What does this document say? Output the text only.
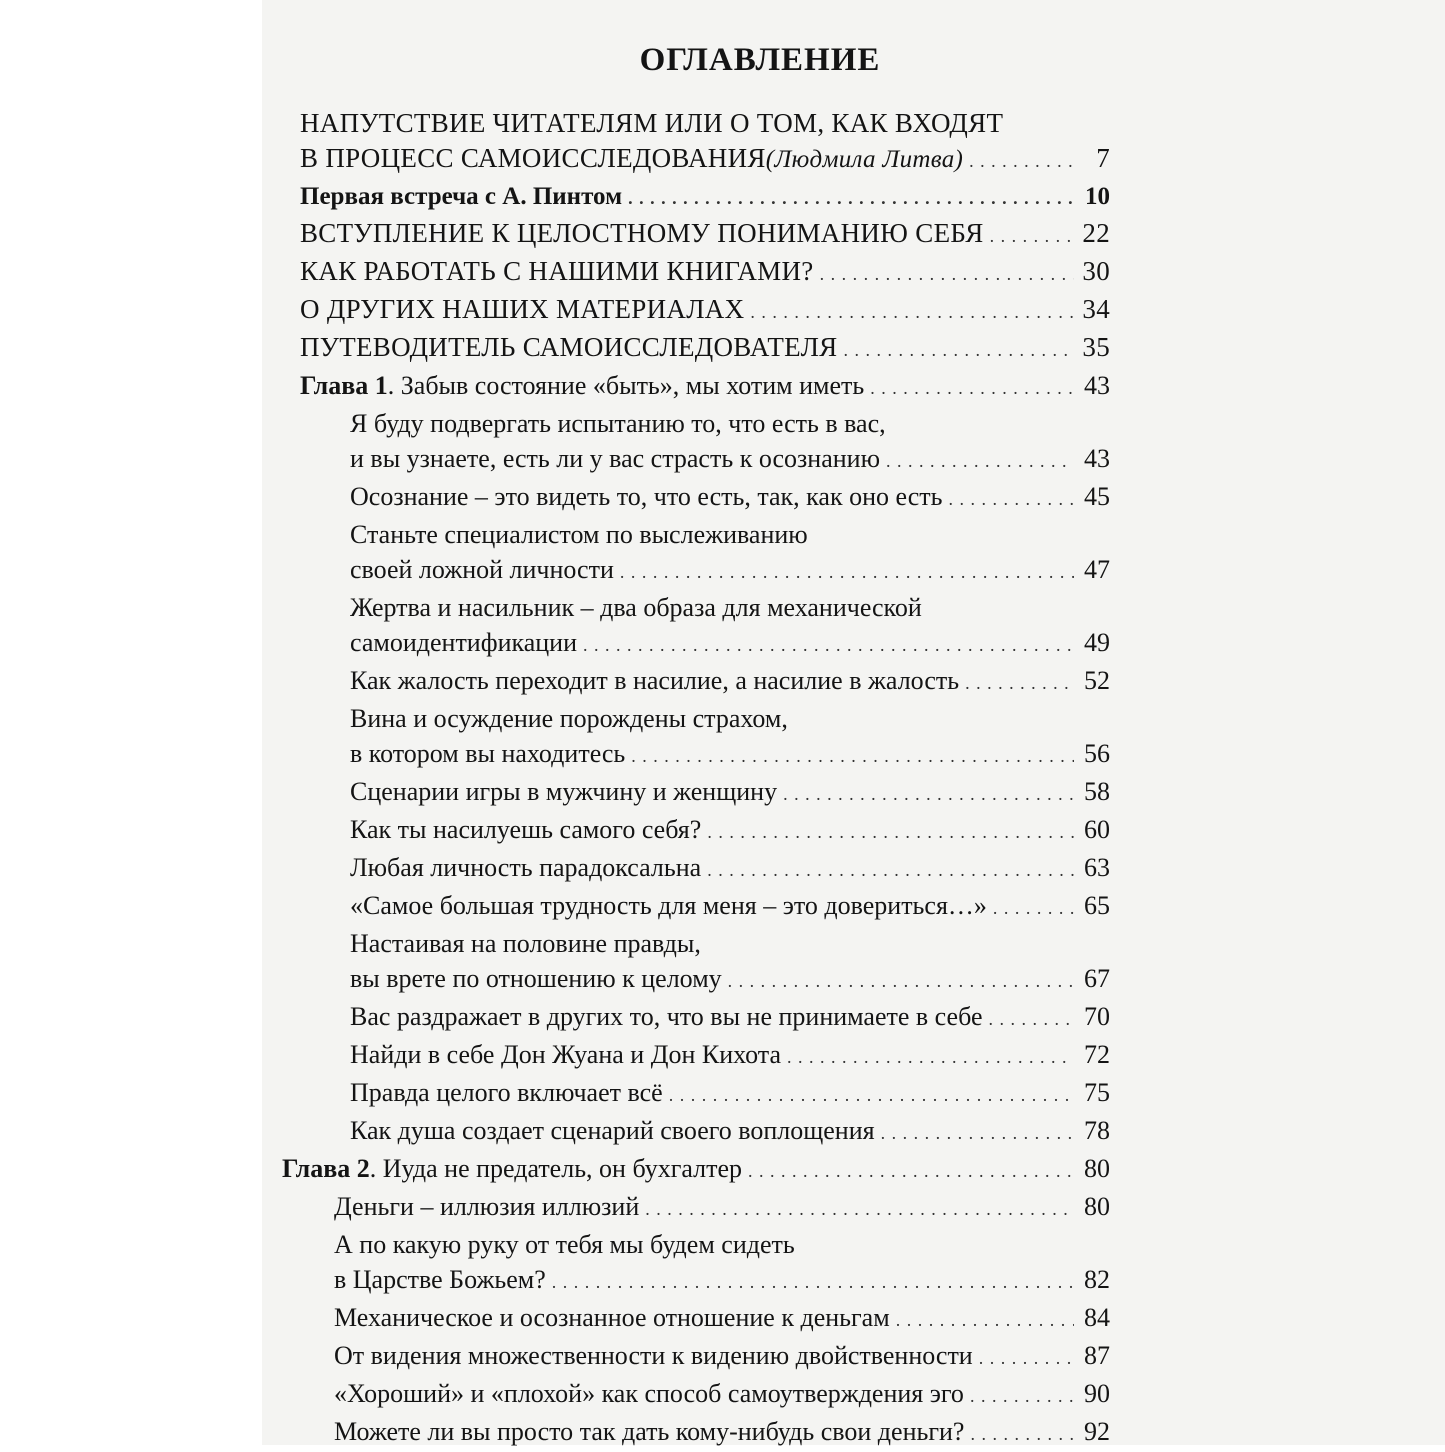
ОГЛАВЛЕНИЕ
НАПУТСТВИЕ ЧИТАТЕЛЯМ ИЛИ О ТОМ, КАК ВХОДЯТ
В ПРОЦЕСС САМОИССЛЕДОВАНИЯ (Людмила Литва) . . .	7
Первая встреча с А. Пинтом . . .	10
ВСТУПЛЕНИЕ К ЦЕЛОСТНОМУ ПОНИМАНИЮ СЕБЯ . . .	22
КАК РАБОТАТЬ С НАШИМИ КНИГАМИ? . . .	30
О ДРУГИХ НАШИХ МАТЕРИАЛАХ . . .	34
ПУТЕВОДИТЕЛЬ САМОИССЛЕДОВАТЕЛЯ . . .	35
Глава 1. Забыв состояние «быть», мы хотим иметь . . .	43
Я буду подвергать испытанию то, что есть в вас,
и вы узнаете, есть ли у вас страсть к осознанию . . .	43
Осознание – это видеть то, что есть, так, как оно есть . . .	45
Станьте специалистом по выслеживанию
своей ложной личности . . .	47
Жертва и насильник – два образа для механической
самоидентификации . . .	49
Как жалость переходит в насилие, а насилие в жалость . . .	52
Вина и осуждение порождены страхом,
в котором вы находитесь . . .	56
Сценарии игры в мужчину и женщину . . .	58
Как ты насилуешь самого себя? . . .	60
Любая личность парадоксальна . . .	63
«Самое большая трудность для меня – это довериться…» . . .	65
Настаивая на половине правды,
вы врете по отношению к целому . . .	67
Вас раздражает в других то, что вы не принимаете в себе . . .	70
Найди в себе Дон Жуана и Дон Кихота . . .	72
Правда целого включает всё . . .	75
Как душа создает сценарий своего воплощения . . .	78
Глава 2. Иуда не предатель, он бухгалтер . . .	80
Деньги – иллюзия иллюзий . . .	80
А по какую руку от тебя мы будем сидеть
в Царстве Божьем? . . .	82
Механическое и осознанное отношение к деньгам . . .	84
От видения множественности к видению двойственности . . .	87
«Хороший» и «плохой» как способ самоутверждения эго . . .	90
Можете ли вы просто так дать кому-нибудь свои деньги? . . .	92
